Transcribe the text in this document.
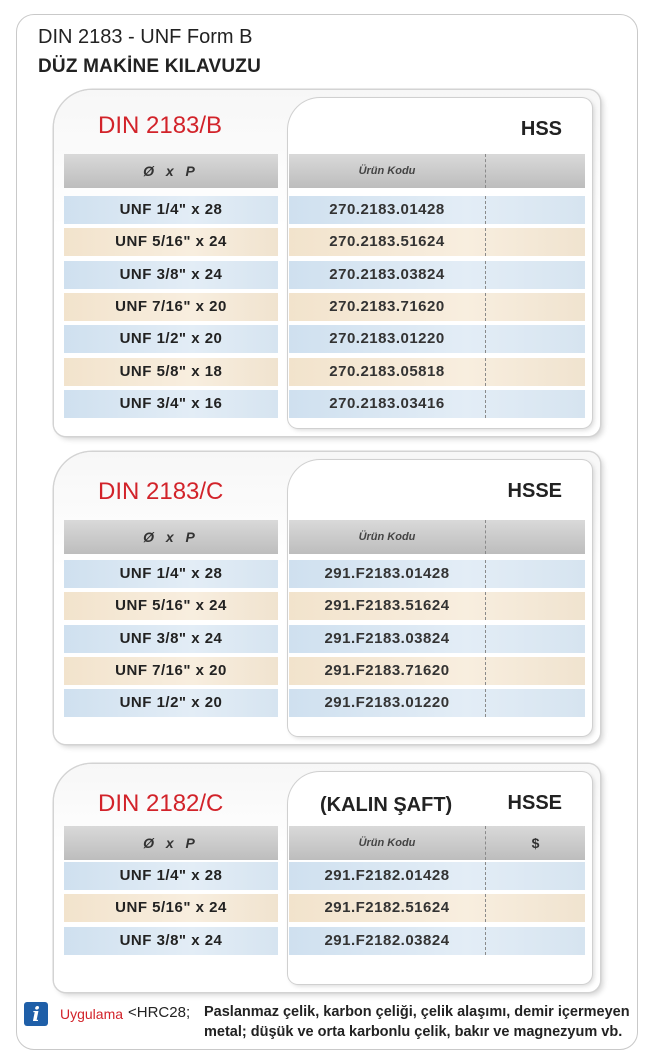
DIN 2183 - UNF Form B
DÜZ MAKİNE KILAVUZU
HSS
DIN 2183/B
Ø x P	Ürün Kodu
UNF 1/4" x 28	270.2183.01428
UNF 5/16" x 24	270.2183.51624
UNF 3/8" x 24	270.2183.03824
UNF 7/16" x 20	270.2183.71620
UNF 1/2" x 20	270.2183.01220
UNF 5/8" x 18	270.2183.05818
UNF 3/4" x 16	270.2183.03416
HSSE
DIN 2183/C
Ø x P	Ürün Kodu
UNF 1/4" x 28	291.F2183.01428
UNF 5/16" x 24	291.F2183.51624
UNF 3/8" x 24	291.F2183.03824
UNF 7/16" x 20	291.F2183.71620
UNF 1/2" x 20	291.F2183.01220
(KALIN ŞAFT)	HSSE
DIN 2182/C
Ø x P	Ürün Kodu	$
UNF 1/4" x 28	291.F2182.01428
UNF 5/16" x 24	291.F2182.51624
UNF 3/8" x 24	291.F2182.03824
i	Uygulama <HRC28; Paslanmaz çelik, karbon çeliği, çelik alaşımı, demir içermeyen
metal; düşük ve orta karbonlu çelik, bakır ve magnezyum vb.
